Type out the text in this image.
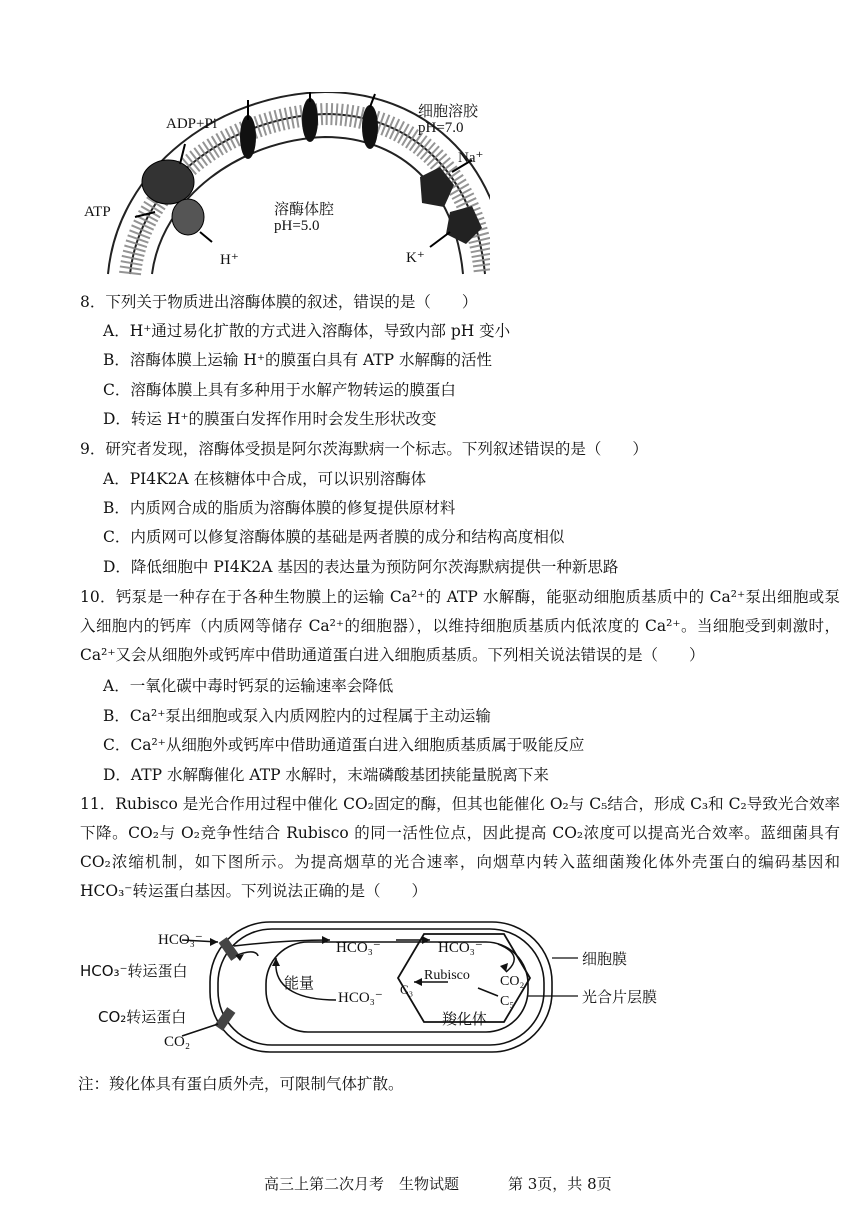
ADP+Pi
细胞溶胶
pH=7.0
Na⁺
ATP	溶酶体腔
pH=5.0
H⁺	K⁺
8．下列关于物质进出溶酶体膜的叙述，错误的是（　　）
A．H⁺通过易化扩散的方式进入溶酶体，导致内部 pH 变小
B．溶酶体膜上运输 H⁺的膜蛋白具有 ATP 水解酶的活性
C．溶酶体膜上具有多种用于水解产物转运的膜蛋白
D．转运 H⁺的膜蛋白发挥作用时会发生形状改变
9．研究者发现，溶酶体受损是阿尔茨海默病一个标志。下列叙述错误的是（　　）
A．PI4K2A 在核糖体中合成，可以识别溶酶体
B．内质网合成的脂质为溶酶体膜的修复提供原材料
C．内质网可以修复溶酶体膜的基础是两者膜的成分和结构高度相似
D．降低细胞中 PI4K2A 基因的表达量为预防阿尔茨海默病提供一种新思路
10．钙泵是一种存在于各种生物膜上的运输 Ca²⁺的 ATP 水解酶，能驱动细胞质基质中的 Ca²⁺泵出细胞或泵入细胞内的钙库（内质网等储存 Ca²⁺的细胞器），以维持细胞质基质内低浓度的 Ca²⁺。当细胞受到刺激时，Ca²⁺又会从细胞外或钙库中借助通道蛋白进入细胞质基质。下列相关说法错误的是（　　）
A．一氧化碳中毒时钙泵的运输速率会降低
B．Ca²⁺泵出细胞或泵入内质网腔内的过程属于主动运输
C．Ca²⁺从细胞外或钙库中借助通道蛋白进入细胞质基质属于吸能反应
D．ATP 水解酶催化 ATP 水解时，末端磷酸基团挟能量脱离下来
11．Rubisco 是光合作用过程中催化 CO₂固定的酶，但其也能催化 O₂与 C₅结合，形成 C₃和 C₂导致光合效率下降。CO₂与 O₂竞争性结合 Rubisco 的同一活性位点，因此提高 CO₂浓度可以提高光合效率。蓝细菌具有 CO₂浓缩机制，如下图所示。为提高烟草的光合速率，向烟草内转入蓝细菌羧化体外壳蛋白的编码基因和 HCO₃⁻转运蛋白基因。下列说法正确的是（　　）
HCO₃⁻
HCO₃⁻转运蛋白
CO₂转运蛋白
CO₂
能量
HCO₃⁻
HCO₃⁻
HCO₃⁻
Rubisco
C₃
CO₂
C₅
羧化体
细胞膜
光合片层膜
注：羧化体具有蛋白质外壳，可限制气体扩散。
高三上第二次月考　生物试题	第 3页，共 8页
